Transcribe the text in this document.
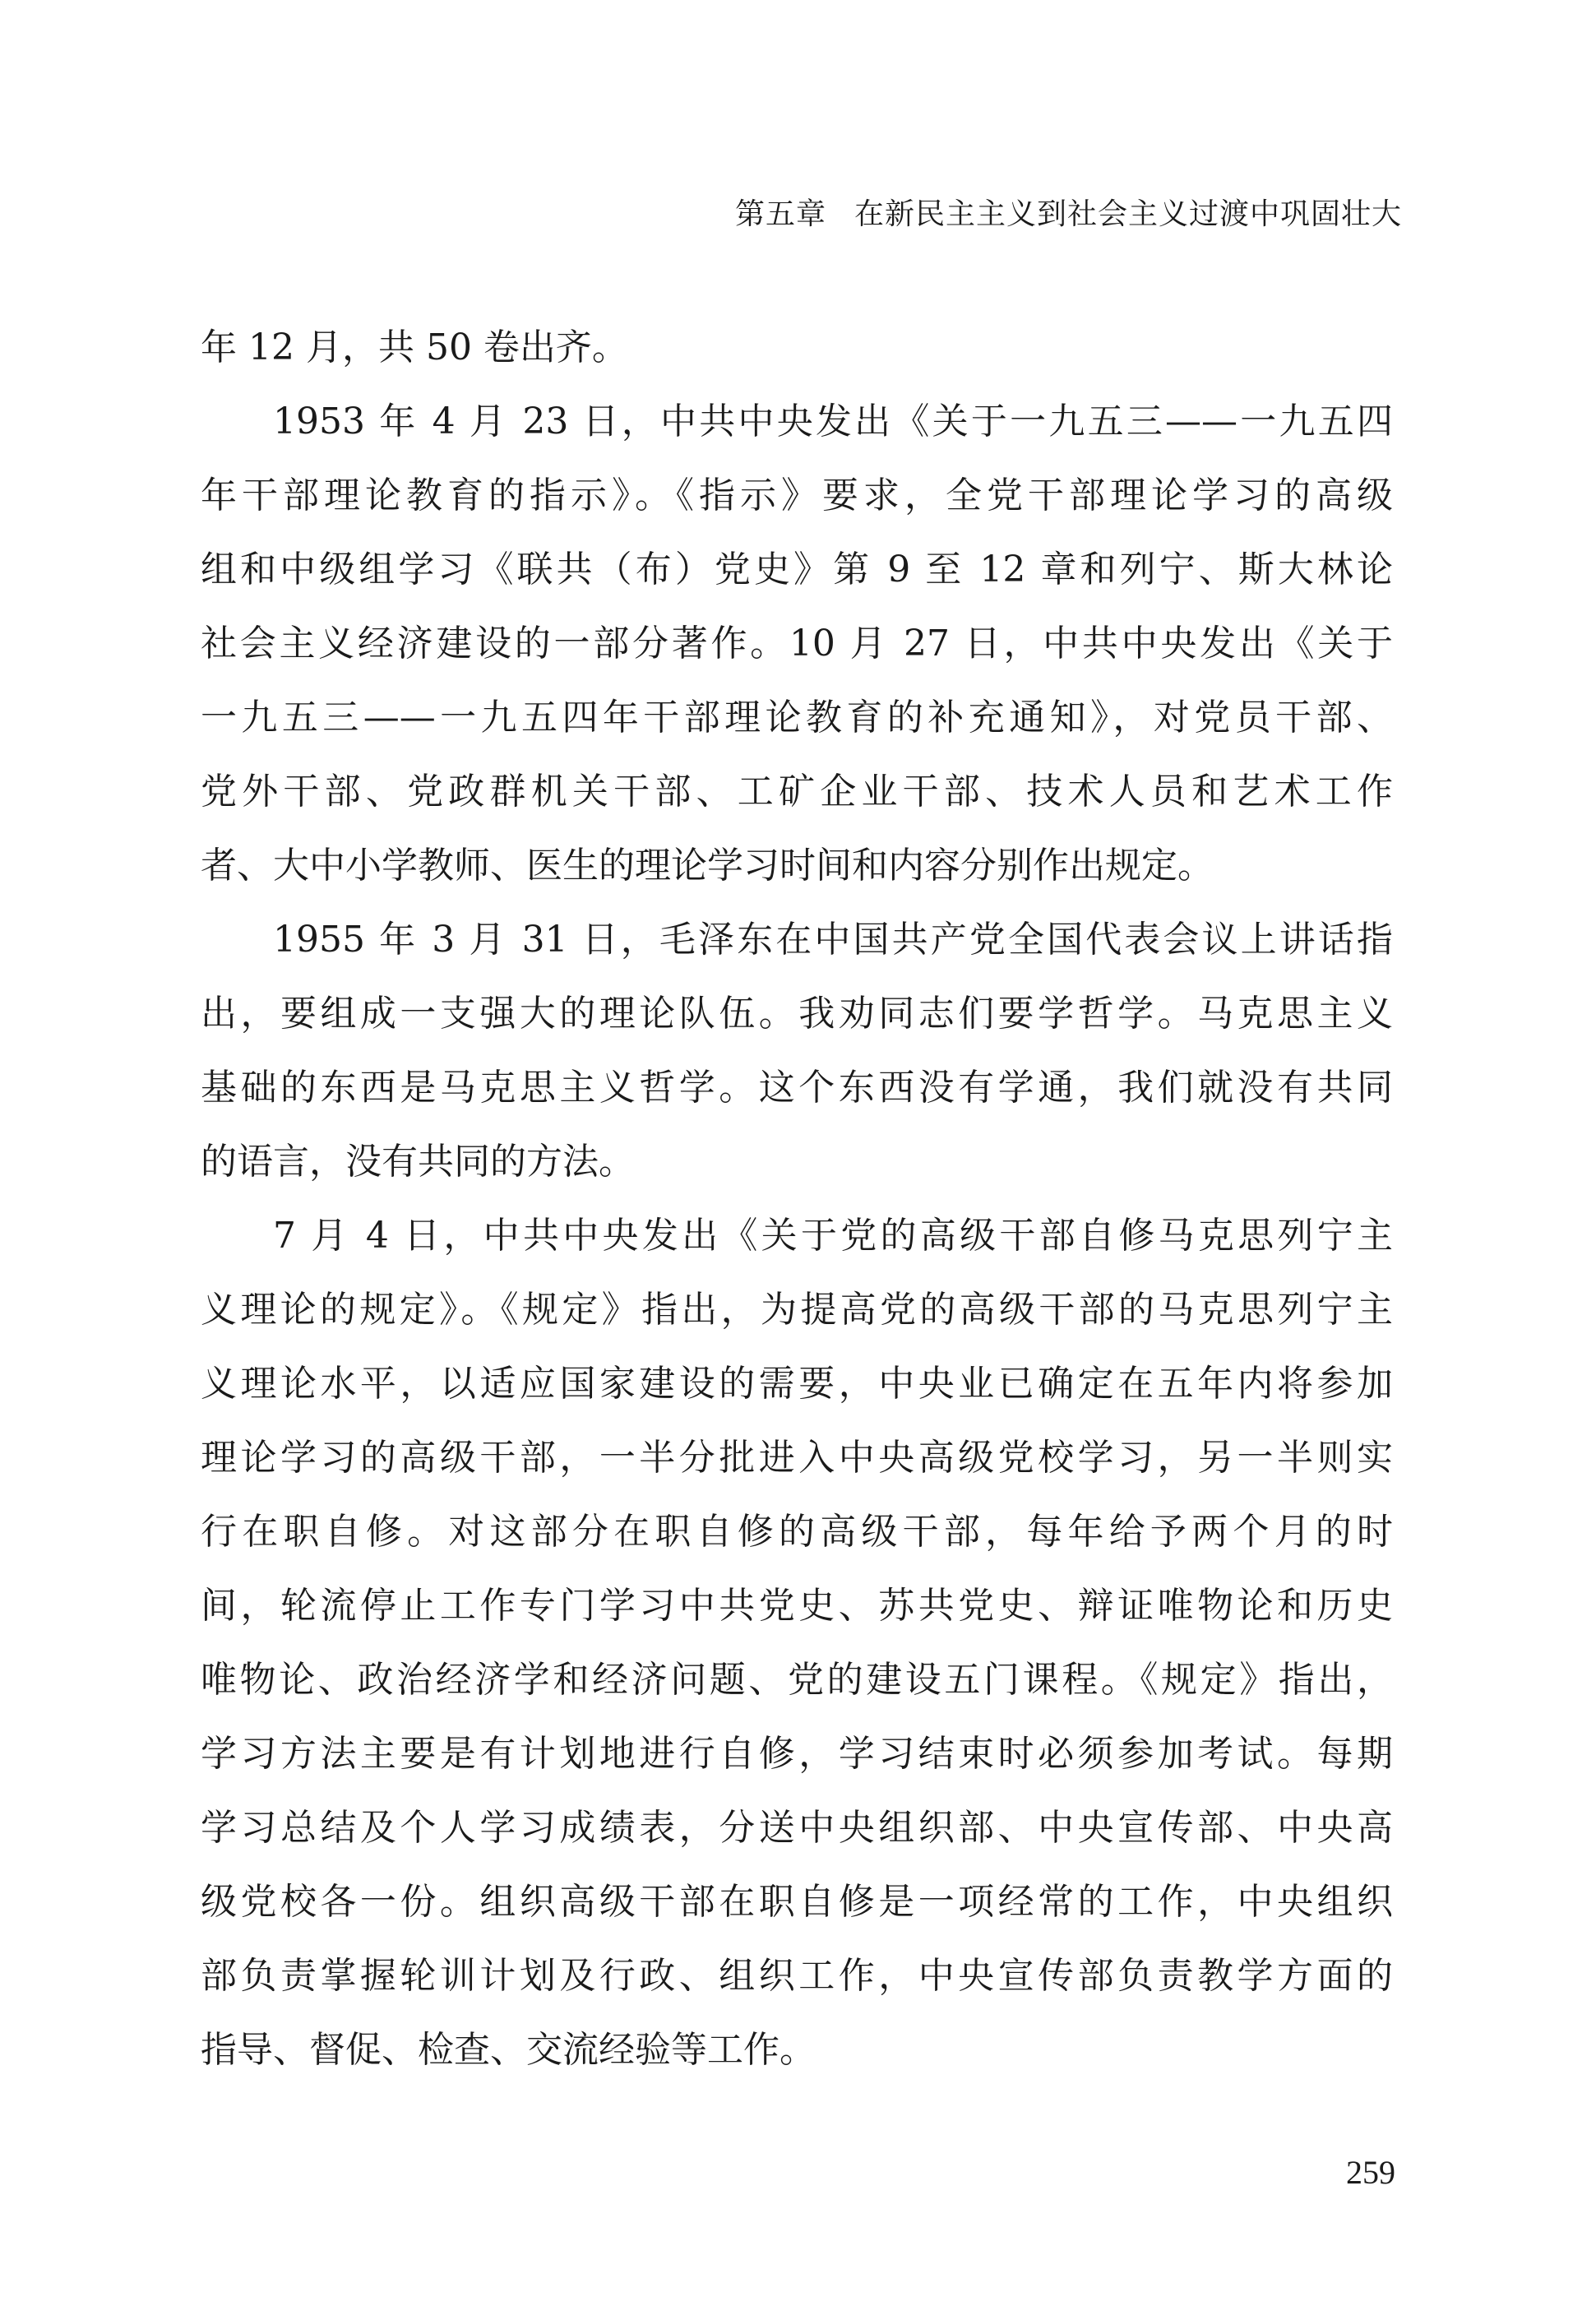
第五章 在新民主主义到社会主义过渡中巩固壮大
年 12 月，共 50 卷出齐。
1953 年 4 月 23 日，中共中央发出《关于一九五三——一九五四
年干部理论教育的指示》。《指示》要求，全党干部理论学习的高级
组和中级组学习《联共（布）党史》第 9 至 12 章和列宁、斯大林论
社会主义经济建设的一部分著作。10 月 27 日，中共中央发出《关于
一九五三——一九五四年干部理论教育的补充通知》，对党员干部、
党外干部、党政群机关干部、工矿企业干部、技术人员和艺术工作
者、大中小学教师、医生的理论学习时间和内容分别作出规定。
1955 年 3 月 31 日，毛泽东在中国共产党全国代表会议上讲话指
出，要组成一支强大的理论队伍。我劝同志们要学哲学。马克思主义
基础的东西是马克思主义哲学。这个东西没有学通，我们就没有共同
的语言，没有共同的方法。
7 月 4 日，中共中央发出《关于党的高级干部自修马克思列宁主
义理论的规定》。《规定》指出，为提高党的高级干部的马克思列宁主
义理论水平，以适应国家建设的需要，中央业已确定在五年内将参加
理论学习的高级干部，一半分批进入中央高级党校学习，另一半则实
行在职自修。对这部分在职自修的高级干部，每年给予两个月的时
间，轮流停止工作专门学习中共党史、苏共党史、辩证唯物论和历史
唯物论、政治经济学和经济问题、党的建设五门课程。《规定》指出，
学习方法主要是有计划地进行自修，学习结束时必须参加考试。每期
学习总结及个人学习成绩表，分送中央组织部、中央宣传部、中央高
级党校各一份。组织高级干部在职自修是一项经常的工作，中央组织
部负责掌握轮训计划及行政、组织工作，中央宣传部负责教学方面的
指导、督促、检查、交流经验等工作。
259
